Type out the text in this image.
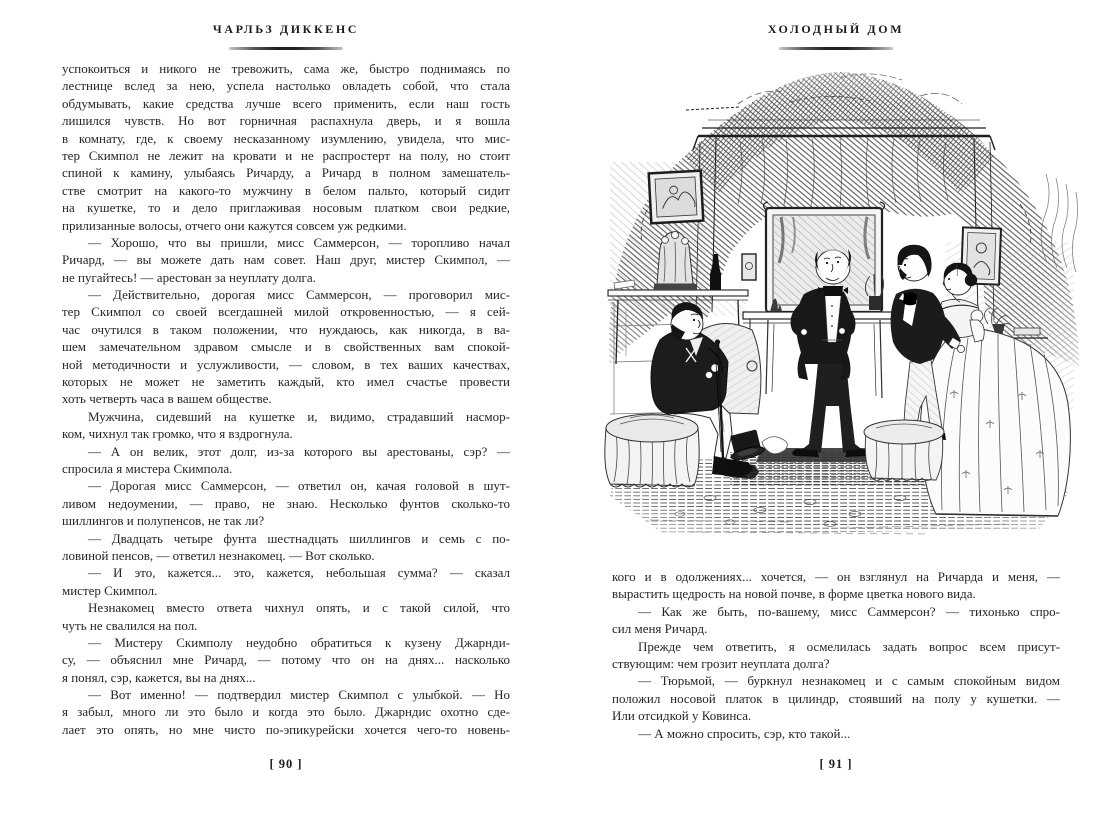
ЧАРЛЬЗ ДИККЕНС
успокоиться и никого не тревожить, сама же, быстро поднимаясь по
лестнице вслед за нею, успела настолько овладеть собой, что стала
обдумывать, какие средства лучше всего применить, если наш гость
лишился чувств. Но вот горничная распахнула дверь, и я вошла
в комнату, где, к своему несказанному изумлению, увидела, что мис-
тер Скимпол не лежит на кровати и не распростерт на полу, но стоит
спиной к камину, улыбаясь Ричарду, а Ричард в полном замешатель-
стве смотрит на какого-то мужчину в белом пальто, который сидит
на кушетке, то и дело приглаживая носовым платком свои редкие,
прилизанные волосы, отчего они кажутся совсем уж редкими.
— Хорошо, что вы пришли, мисс Саммерсон, — торопливо начал
Ричард, — вы можете дать нам совет. Наш друг, мистер Скимпол, —
не пугайтесь! — арестован за неуплату долга.
— Действительно, дорогая мисс Саммерсон, — проговорил мис-
тер Скимпол со своей всегдашней милой откровенностью, — я сей-
час очутился в таком положении, что нуждаюсь, как никогда, в ва-
шем замечательном здравом смысле и в свойственных вам спокой-
ной методичности и услужливости, — словом, в тех ваших качествах,
которых не может не заметить каждый, кто имел счастье провести
хоть четверть часа в вашем обществе.
Мужчина, сидевший на кушетке и, видимо, страдавший насмор-
ком, чихнул так громко, что я вздрогнула.
— А он велик, этот долг, из-за которого вы арестованы, сэр? —
спросила я мистера Скимпола.
— Дорогая мисс Саммерсон, — ответил он, качая головой в шут-
ливом недоумении, — право, не знаю. Несколько фунтов сколько-то
шиллингов и полупенсов, не так ли?
— Двадцать четыре фунта шестнадцать шиллингов и семь с по-
ловиной пенсов, — ответил незнакомец. — Вот сколько.
— И это, кажется... это, кажется, небольшая сумма? — сказал
мистер Скимпол.
Незнакомец вместо ответа чихнул опять, и с такой силой, что
чуть не свалился на пол.
— Мистеру Скимполу неудобно обратиться к кузену Джарнди-
су, — объяснил мне Ричард, — потому что он на днях... насколько
я понял, сэр, кажется, вы на днях...
— Вот именно! — подтвердил мистер Скимпол с улыбкой. — Но
я забыл, много ли это было и когда это было. Джарндис охотно сде-
лает это опять, но мне чисто по-эпикурейски хочется чего-то новень-
[ 90 ]
ХОЛОДНЫЙ ДОМ
кого и в одолжениях... хочется, — он взглянул на Ричарда и меня, —
вырастить щедрость на новой почве, в форме цветка нового вида.
— Как же быть, по-вашему, мисс Саммерсон? — тихонько спро-
сил меня Ричард.
Прежде чем ответить, я осмелилась задать вопрос всем присут-
ствующим: чем грозит неуплата долга?
— Тюрьмой, — буркнул незнакомец и с самым спокойным видом
положил носовой платок в цилиндр, стоявший на полу у кушетки. —
Или отсидкой у Ковинса.
— А можно спросить, сэр, кто такой...
[ 91 ]
